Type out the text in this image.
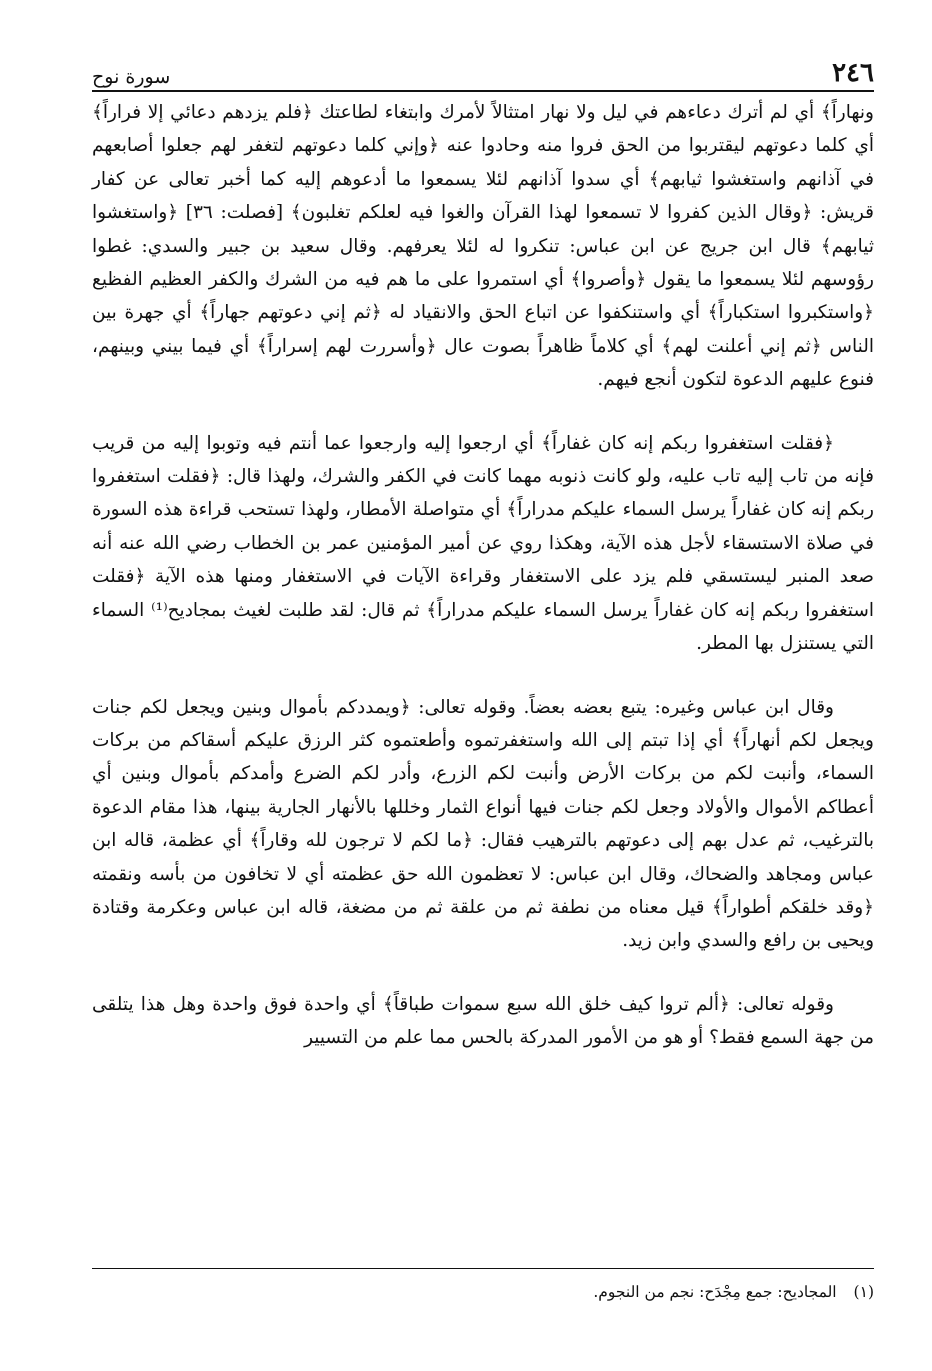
٢٤٦
سورة نوح

ونهاراً﴾ أي لم أترك دعاءهم في ليل ولا نهار امتثالاً لأمرك وابتغاء لطاعتك ﴿فلم يزدهم دعائي إلا فراراً﴾ أي كلما دعوتهم ليقتربوا من الحق فروا منه وحادوا عنه ﴿وإني كلما دعوتهم لتغفر لهم جعلوا أصابعهم في آذانهم واستغشوا ثيابهم﴾ أي سدوا آذانهم لئلا يسمعوا ما أدعوهم إليه كما أخبر تعالى عن كفار قريش: ﴿وقال الذين كفروا لا تسمعوا لهذا القرآن والغوا فيه لعلكم تغلبون﴾ [فصلت: ٣٦] ﴿واستغشوا ثيابهم﴾ قال ابن جريج عن ابن عباس: تنكروا له لئلا يعرفهم. وقال سعيد بن جبير والسدي: غطوا رؤوسهم لئلا يسمعوا ما يقول ﴿وأصروا﴾ أي استمروا على ما هم فيه من الشرك والكفر العظيم الفظيع ﴿واستكبروا استكباراً﴾ أي واستنكفوا عن اتباع الحق والانقياد له ﴿ثم إني دعوتهم جهاراً﴾ أي جهرة بين الناس ﴿ثم إني أعلنت لهم﴾ أي كلاماً ظاهراً بصوت عال ﴿وأسررت لهم إسراراً﴾ أي فيما بيني وبينهم، فنوع عليهم الدعوة لتكون أنجع فيهم.

﴿فقلت استغفروا ربكم إنه كان غفاراً﴾ أي ارجعوا إليه وارجعوا عما أنتم فيه وتوبوا إليه من قريب فإنه من تاب إليه تاب عليه، ولو كانت ذنوبه مهما كانت في الكفر والشرك، ولهذا قال: ﴿فقلت استغفروا ربكم إنه كان غفاراً يرسل السماء عليكم مدراراً﴾ أي متواصلة الأمطار، ولهذا تستحب قراءة هذه السورة في صلاة الاستسقاء لأجل هذه الآية، وهكذا روي عن أمير المؤمنين عمر بن الخطاب رضي الله عنه أنه صعد المنبر ليستسقي فلم يزد على الاستغفار وقراءة الآيات في الاستغفار ومنها هذه الآية ﴿فقلت استغفروا ربكم إنه كان غفاراً يرسل السماء عليكم مدراراً﴾ ثم قال: لقد طلبت لغيث بمجاديح⁽¹⁾ السماء التي يستنزل بها المطر.

وقال ابن عباس وغيره: يتبع بعضه بعضاً. وقوله تعالى: ﴿ويمددكم بأموال وبنين ويجعل لكم جنات ويجعل لكم أنهاراً﴾ أي إذا تبتم إلى الله واستغفرتموه وأطعتموه كثر الرزق عليكم أسقاكم من بركات السماء، وأنبت لكم من بركات الأرض وأنبت لكم الزرع، وأدر لكم الضرع وأمدكم بأموال وبنين أي أعطاكم الأموال والأولاد وجعل لكم جنات فيها أنواع الثمار وخللها بالأنهار الجارية بينها، هذا مقام الدعوة بالترغيب، ثم عدل بهم إلى دعوتهم بالترهيب فقال: ﴿ما لكم لا ترجون لله وقاراً﴾ أي عظمة، قاله ابن عباس ومجاهد والضحاك، وقال ابن عباس: لا تعظمون الله حق عظمته أي لا تخافون من بأسه ونقمته ﴿وقد خلقكم أطواراً﴾ قيل معناه من نطفة ثم من علقة ثم من مضغة، قاله ابن عباس وعكرمة وقتادة ويحيى بن رافع والسدي وابن زيد.

وقوله تعالى: ﴿ألم تروا كيف خلق الله سبع سموات طباقاً﴾ أي واحدة فوق واحدة وهل هذا يتلقى من جهة السمع فقط؟ أو هو من الأمور المدركة بالحس مما علم من التسيير

(١) المجاديح: جمع مِجْدَح: نجم من النجوم.
